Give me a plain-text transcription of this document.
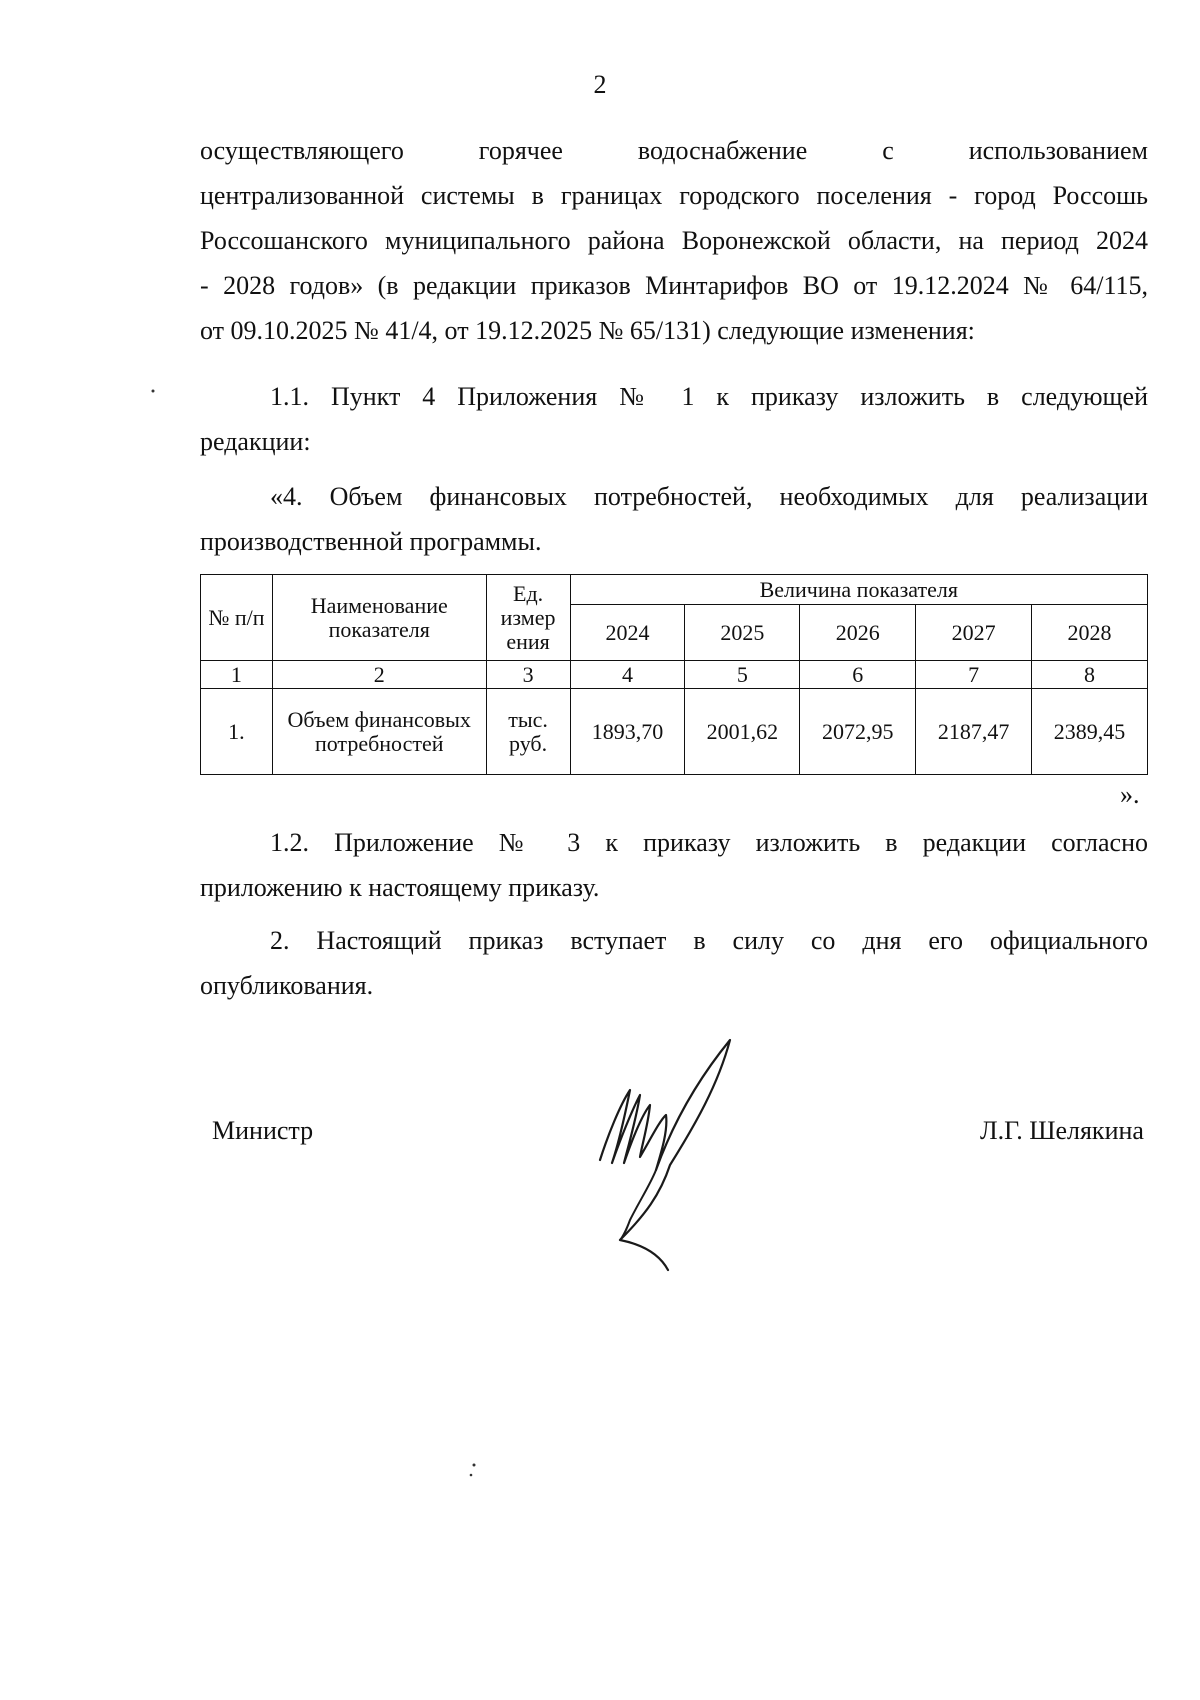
2
осуществляющего горячее водоснабжение с использованием
централизованной системы в границах городского поселения - город Россошь
Россошанского муниципального района Воронежской области, на период 2024
- 2028 годов» (в редакции приказов Минтарифов ВО от 19.12.2024 № 64/115,
от 09.10.2025 № 41/4, от 19.12.2025 № 65/131) следующие изменения:
1.1. Пункт 4 Приложения № 1 к приказу изложить в следующей
редакции:
«4. Объем финансовых потребностей, необходимых для реализации
производственной программы.
№ п/п	Наименование показателя	Ед. измер ения	Величина показателя				
			2024	2025	2026	2027	2028
1	2	3	4	5	6	7	8
1.	Объем финансовых потребностей	тыс. руб.	1893,70	2001,62	2072,95	2187,47	2389,45
».
1.2. Приложение № 3 к приказу изложить в редакции согласно
приложению к настоящему приказу.
2. Настоящий приказ вступает в силу со дня его официального
опубликования.
Министр	Л.Г. Шелякина
